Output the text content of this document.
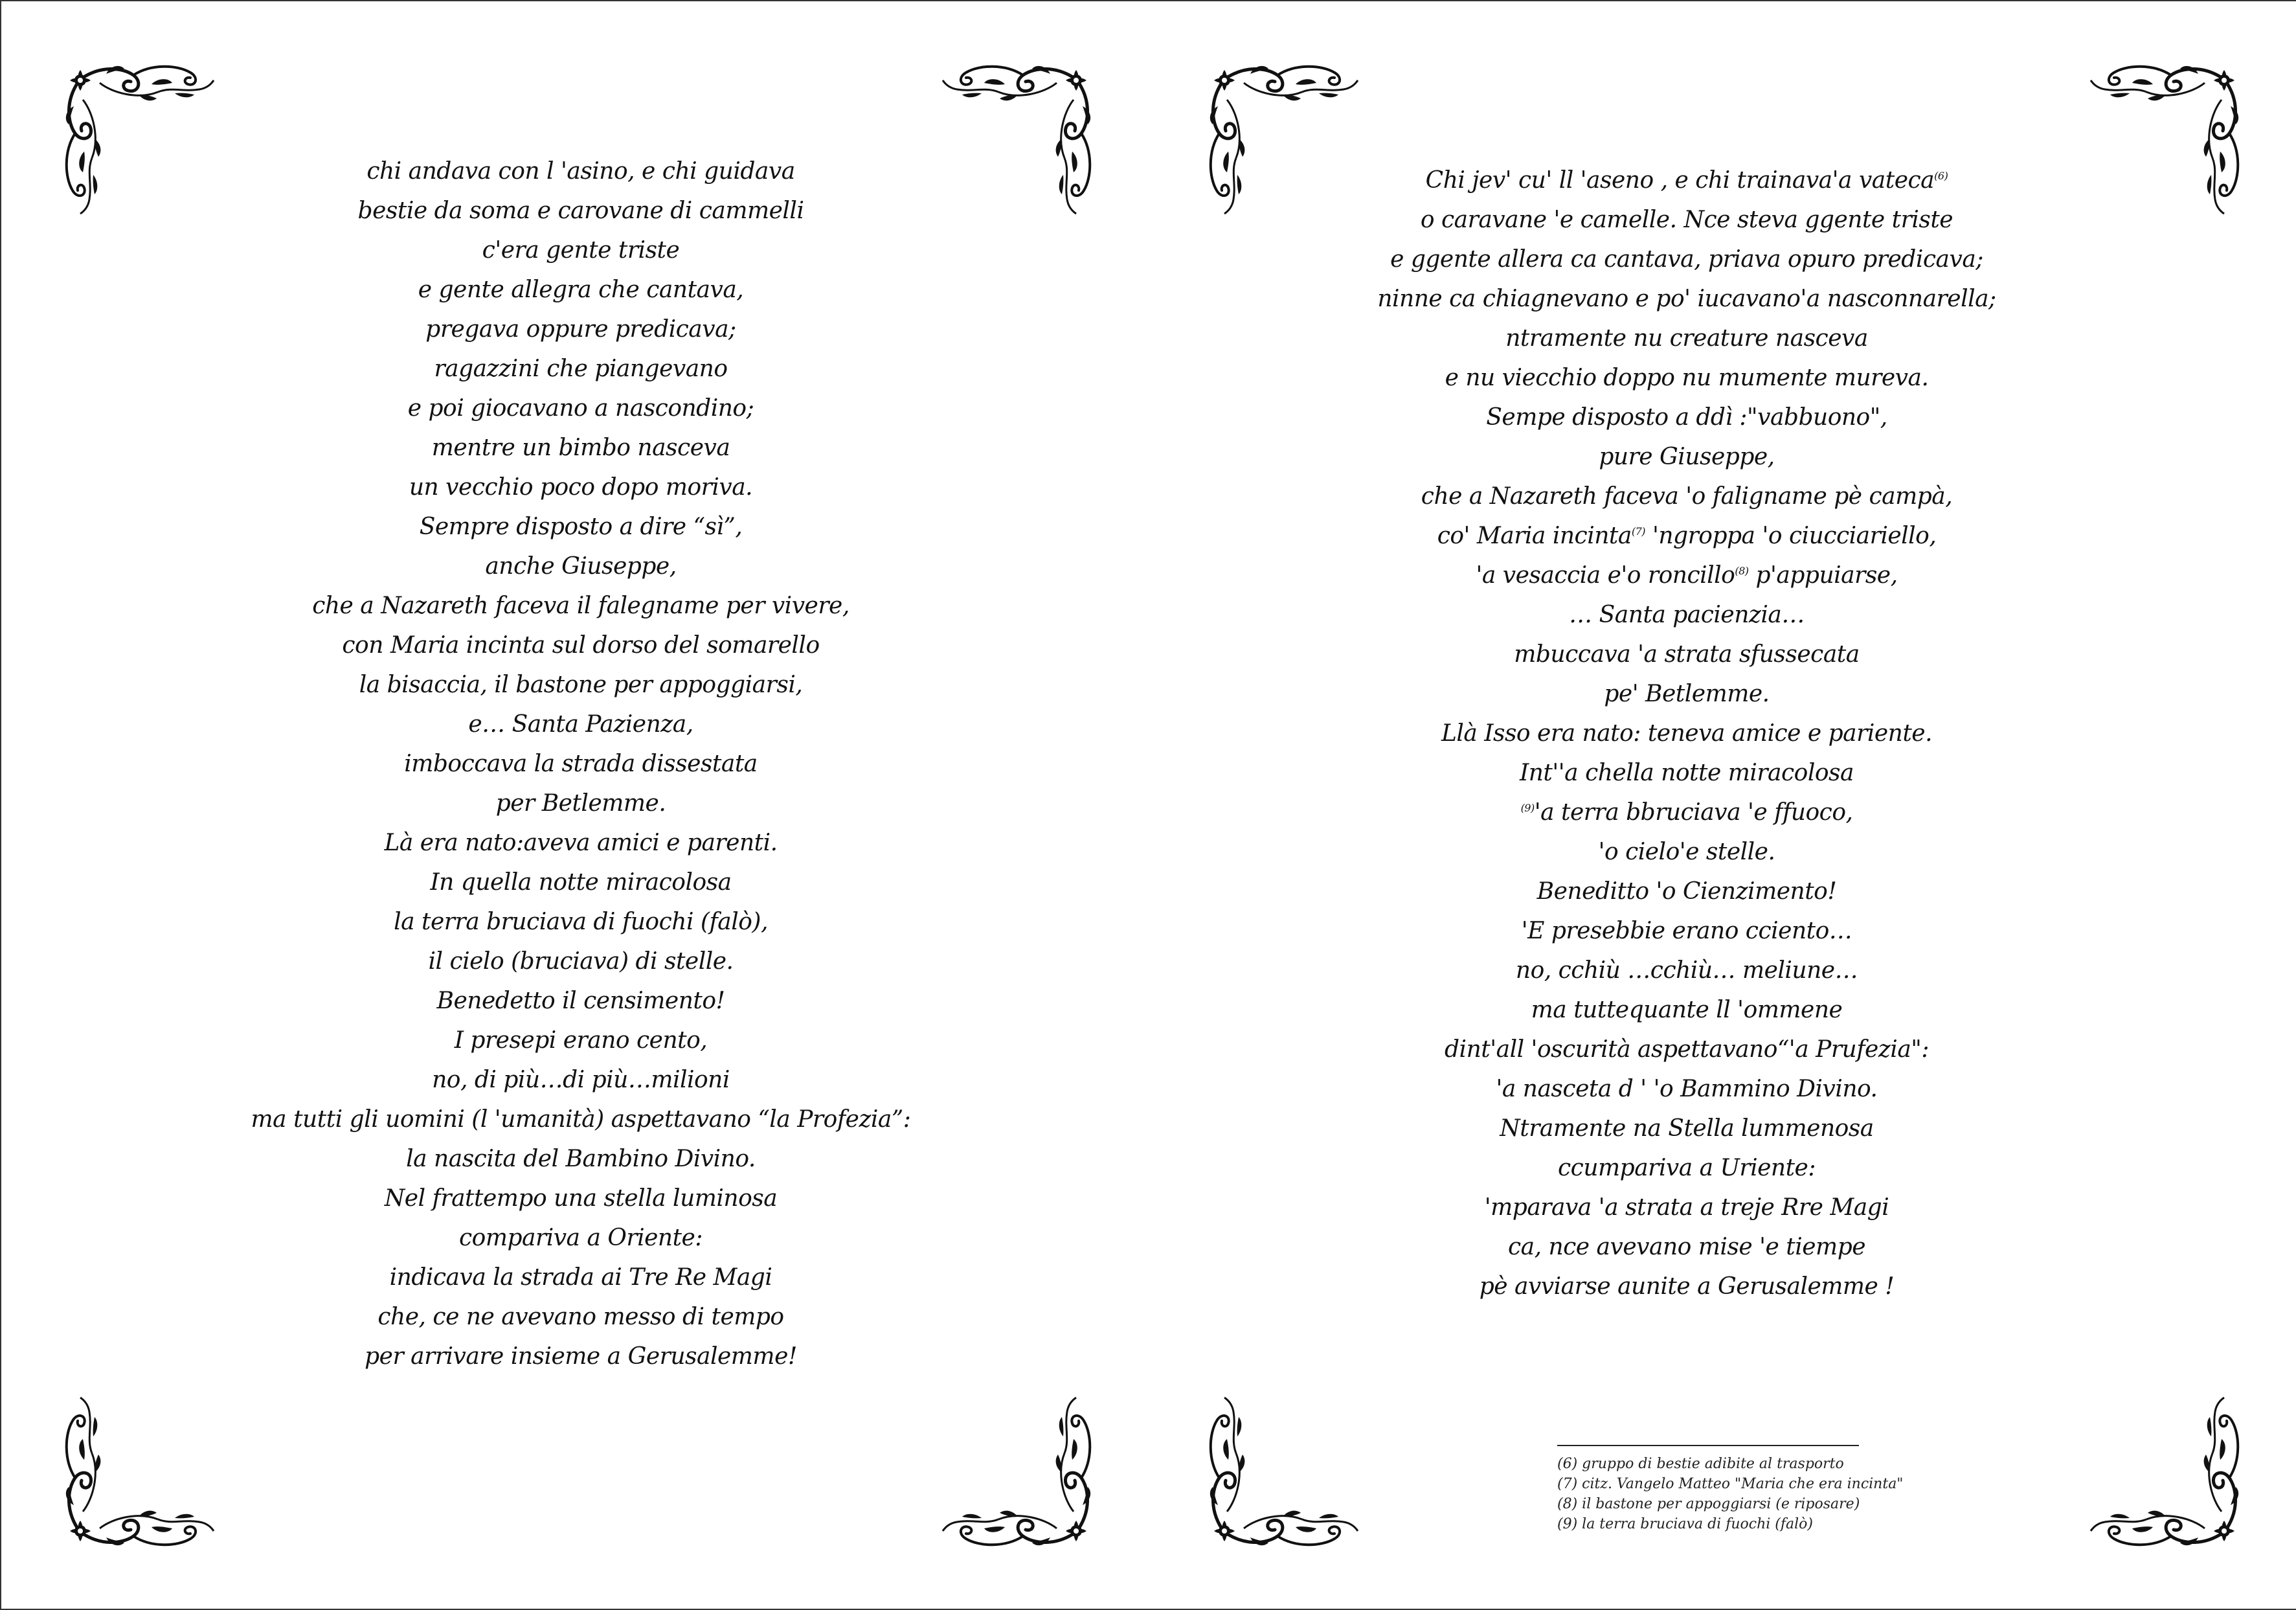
chi andava con l 'asino, e chi guidava
bestie da soma e carovane di cammelli
c'era gente triste
e gente allegra che cantava,
pregava oppure predicava;
ragazzini che piangevano
e poi giocavano a nascondino;
mentre un bimbo nasceva
un vecchio poco dopo moriva.
Sempre disposto a dire “sì”,
anche Giuseppe,
che a Nazareth faceva il falegname per vivere,
con Maria incinta sul dorso del somarello
la bisaccia, il bastone per appoggiarsi,
e… Santa Pazienza,
imboccava la strada dissestata
per Betlemme.
Là era nato:aveva amici e parenti.
In quella notte miracolosa
la terra bruciava di fuochi (falò),
il cielo (bruciava) di stelle.
Benedetto il censimento!
I presepi erano cento,
no, di più…di più…milioni
ma tutti gli uomini (l 'umanità) aspettavano “la Profezia”:
la nascita del Bambino Divino.
Nel frattempo una stella luminosa
compariva a Oriente:
indicava la strada ai Tre Re Magi
che, ce ne avevano messo di tempo
per arrivare insieme a Gerusalemme!
Chi jev' cu' ll 'aseno , e chi trainava'a vateca$^{(6)}$
o caravane 'e camelle. Nce steva ggente triste
e ggente allera ca cantava, priava opuro predicava;
ninne ca chiagnevano e po' iucavano'a nasconnarella;
ntramente nu creature nasceva
e nu viecchio doppo nu mumente mureva.
Sempe disposto a ddì :"vabbuono",
pure Giuseppe,
che a Nazareth faceva 'o faligname pè campà,
co' Maria incinta$^{(7)}$ 'ngroppa 'o ciucciariello,
'a vesaccia e'o roncillo$^{(8)}$ p'appuiarse,
… Santa pacienzia…
mbuccava 'a strata sfussecata
pe' Betlemme.
Llà Isso era nato: teneva amice e pariente.
Int''a chella notte miracolosa
$^{(9)}$'a terra bbruciava 'e ffuoco,
'o cielo'e stelle.
Beneditto 'o Cienzimento!
'E presebbie erano cciento…
no, cchiù …cchiù… meliune…
ma tuttequante ll 'ommene
dint'all 'oscurità aspettavano“'a Prufezia":
'a nasceta d ' 'o Bammino Divino.
Ntramente na Stella lummenosa
ccumpariva a Uriente:
'mparava 'a strata a treje Rre Magi
ca, nce avevano mise 'e tiempe
pè avviarse aunite a Gerusalemme !
(6) gruppo di bestie adibite al trasporto
(7) citz. Vangelo Matteo "Maria che era incinta"
(8) il bastone per appoggiarsi (e riposare)
(9) la terra bruciava di fuochi (falò)
